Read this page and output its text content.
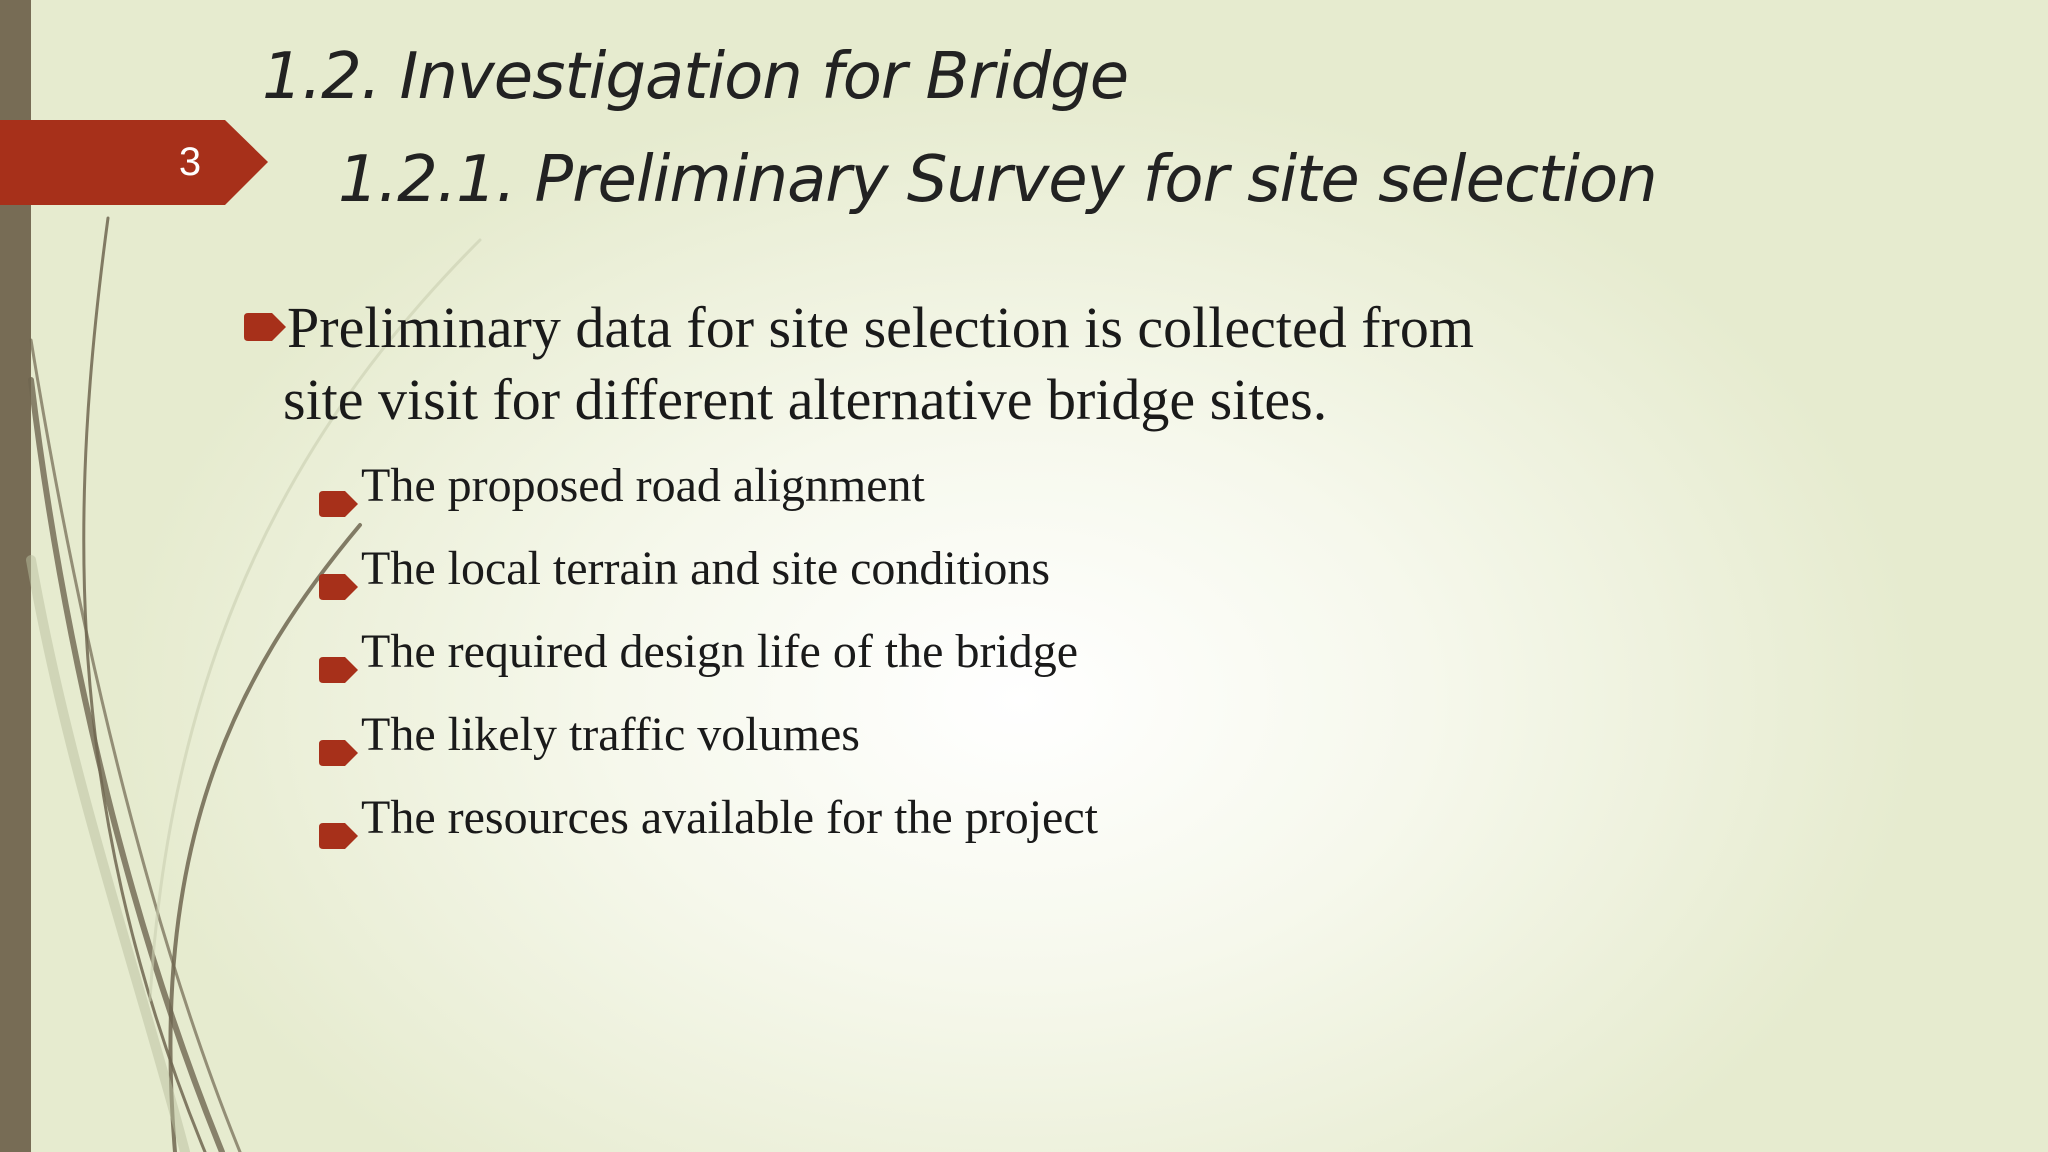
3
1.2. Investigation for Bridge
1.2.1. Preliminary Survey for site selection
Preliminary data for site selection is collected from
site visit for different alternative bridge sites.
The proposed road alignment
The local terrain and site conditions
The required design life of the bridge
The likely traffic volumes
The resources available for the project
